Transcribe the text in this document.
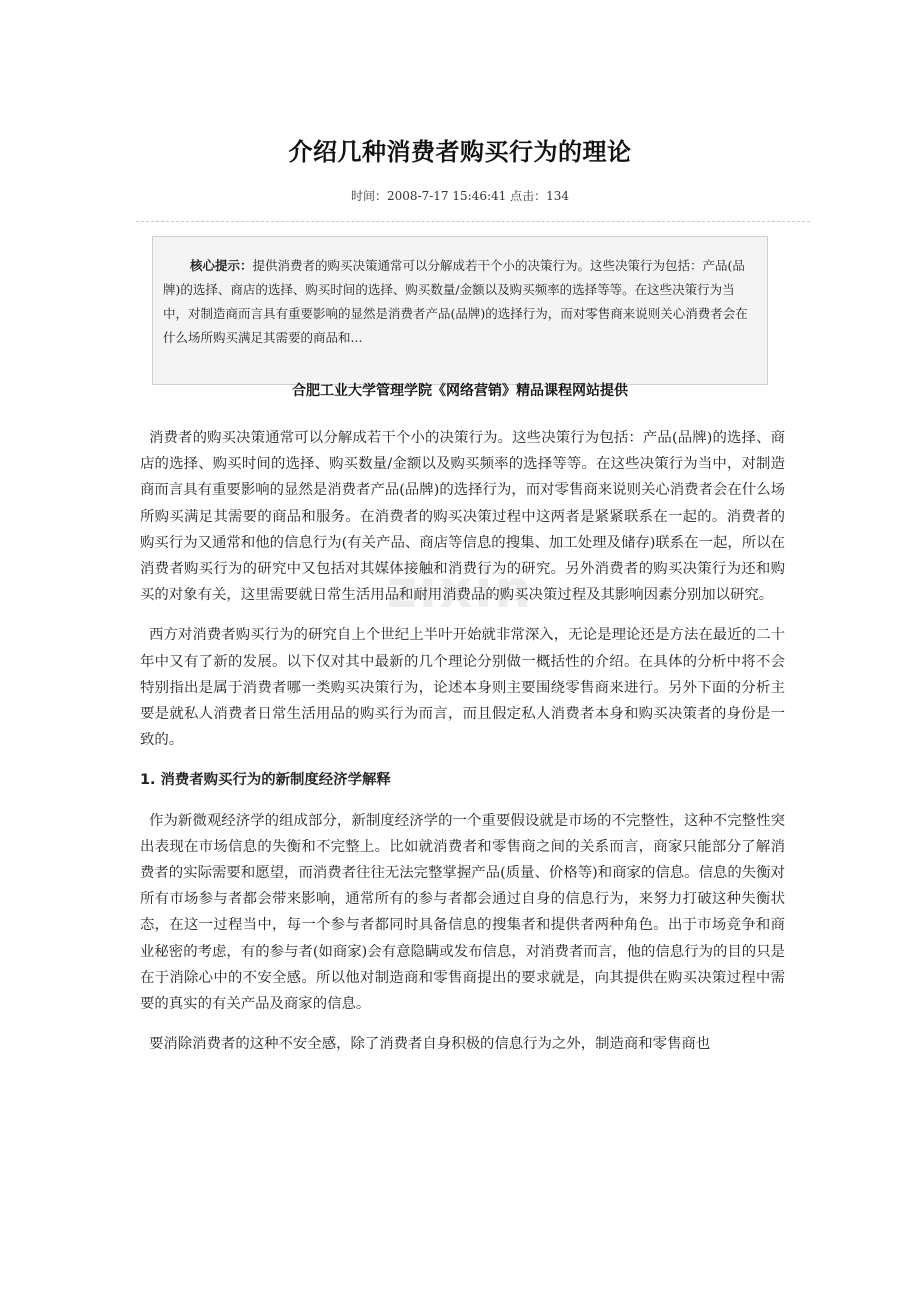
介绍几种消费者购买行为的理论
时间：2008-7-17 15:46:41 点击：134
核心提示：提供消费者的购买决策通常可以分解成若干个小的决策行为。这些决策行为包括：产品(品牌)的选择、商店的选择、购买时间的选择、购买数量/金额以及购买频率的选择等等。在这些决策行为当中，对制造商而言具有重要影响的显然是消费者产品(品牌)的选择行为，而对零售商来说则关心消费者会在什么场所购买满足其需要的商品和...
合肥工业大学管理学院《网络营销》精品课程网站提供
zixin

消费者的购买决策通常可以分解成若干个小的决策行为。这些决策行为包括：产品(品牌)的选择、商店的选择、购买时间的选择、购买数量/金额以及购买频率的选择等等。在这些决策行为当中，对制造商而言具有重要影响的显然是消费者产品(品牌)的选择行为，而对零售商来说则关心消费者会在什么场所购买满足其需要的商品和服务。在消费者的购买决策过程中这两者是紧紧联系在一起的。消费者的购买行为又通常和他的信息行为(有关产品、商店等信息的搜集、加工处理及储存)联系在一起，所以在消费者购买行为的研究中又包括对其媒体接触和消费行为的研究。另外消费者的购买决策行为还和购买的对象有关，这里需要就日常生活用品和耐用消费品的购买决策过程及其影响因素分别加以研究。

西方对消费者购买行为的研究自上个世纪上半叶开始就非常深入，无论是理论还是方法在最近的二十年中又有了新的发展。以下仅对其中最新的几个理论分别做一概括性的介绍。在具体的分析中将不会特别指出是属于消费者哪一类购买决策行为，论述本身则主要围绕零售商来进行。另外下面的分析主要是就私人消费者日常生活用品的购买行为而言，而且假定私人消费者本身和购买决策者的身份是一致的。

1. 消费者购买行为的新制度经济学解释

作为新微观经济学的组成部分，新制度经济学的一个重要假设就是市场的不完整性，这种不完整性突出表现在市场信息的失衡和不完整上。比如就消费者和零售商之间的关系而言，商家只能部分了解消费者的实际需要和愿望，而消费者往往无法完整掌握产品(质量、价格等)和商家的信息。信息的失衡对所有市场参与者都会带来影响，通常所有的参与者都会通过自身的信息行为，来努力打破这种失衡状态，在这一过程当中，每一个参与者都同时具备信息的搜集者和提供者两种角色。出于市场竞争和商业秘密的考虑，有的参与者(如商家)会有意隐瞒或发布信息，对消费者而言，他的信息行为的目的只是在于消除心中的不安全感。所以他对制造商和零售商提出的要求就是，向其提供在购买决策过程中需要的真实的有关产品及商家的信息。

要消除消费者的这种不安全感，除了消费者自身积极的信息行为之外，制造商和零售商也
